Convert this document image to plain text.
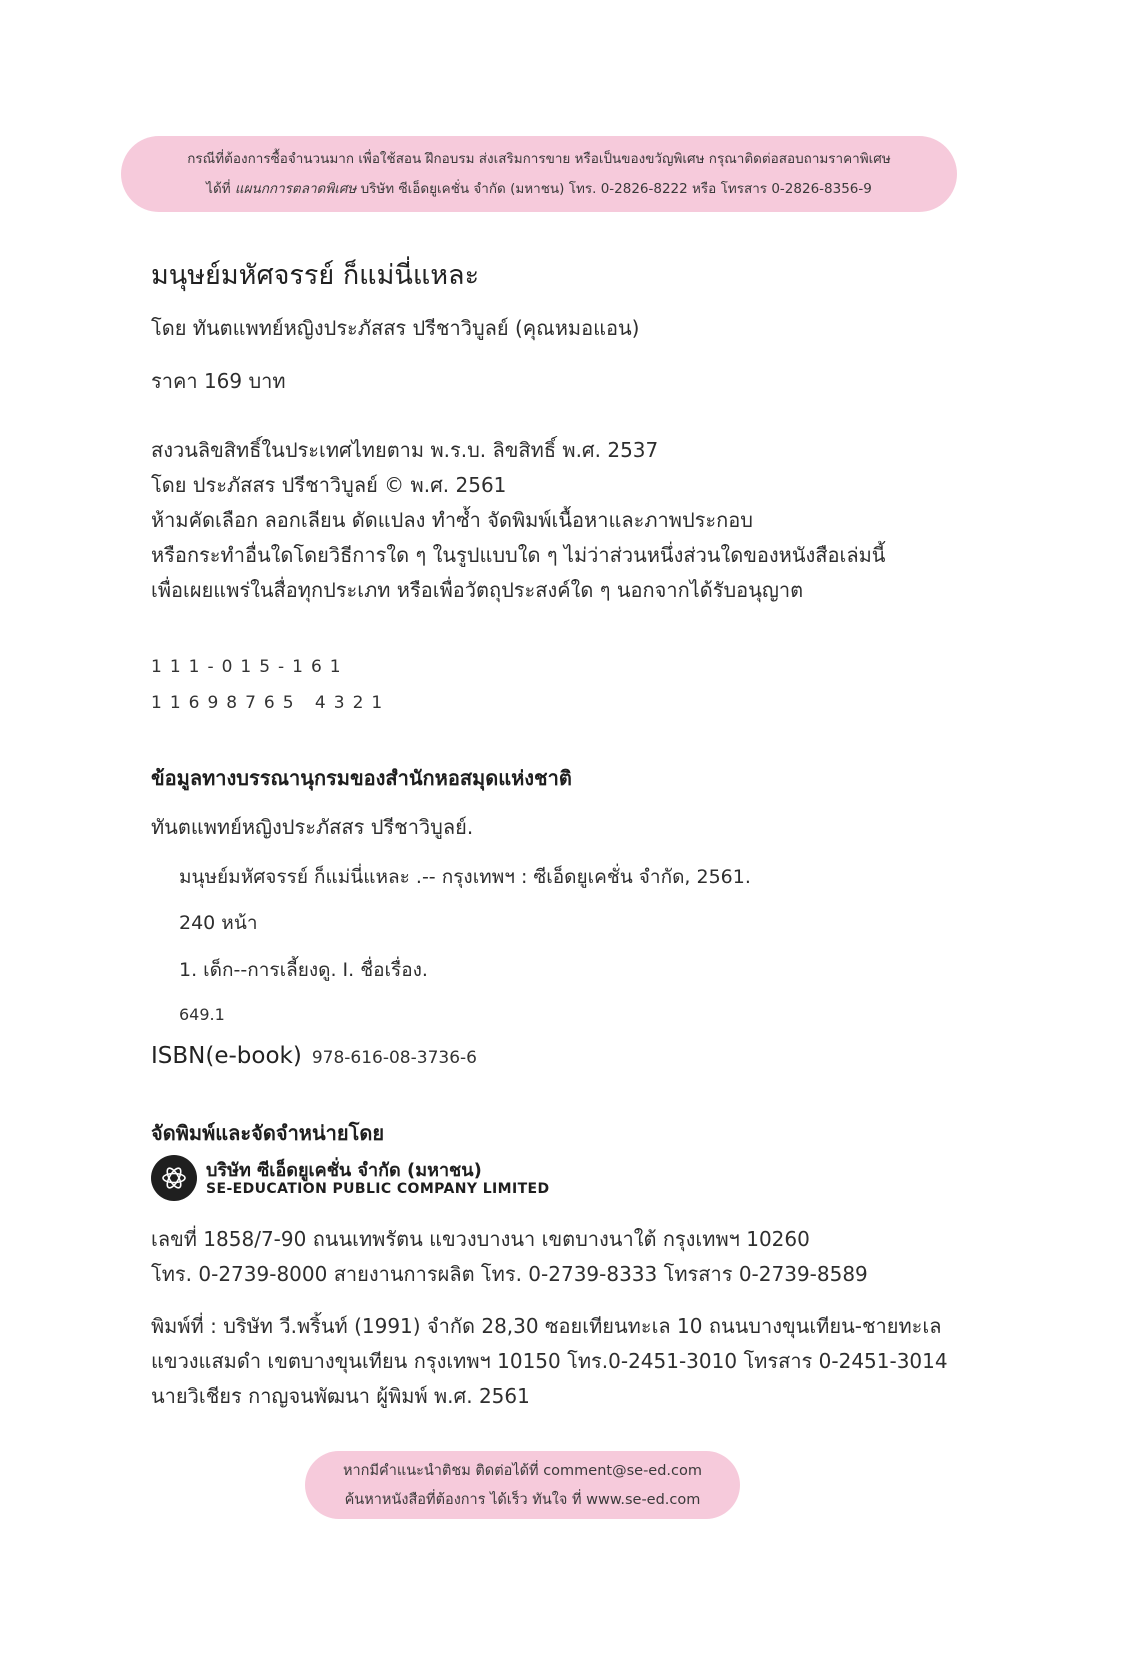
กรณีที่ต้องการซื้อจำนวนมาก เพื่อใช้สอน ฝึกอบรม ส่งเสริมการขาย หรือเป็นของขวัญพิเศษ กรุณาติดต่อสอบถามราคาพิเศษ
ได้ที่ แผนกการตลาดพิเศษ บริษัท ซีเอ็ดยูเคชั่น จำกัด (มหาชน) โทร. 0-2826-8222 หรือ โทรสาร 0-2826-8356-9
มนุษย์มหัศจรรย์ ก็แม่นี่แหละ
โดย ทันตแพทย์หญิงประภัสสร ปรีชาวิบูลย์ (คุณหมอแอน)
ราคา 169 บาท
สงวนลิขสิทธิ์ในประเทศไทยตาม พ.ร.บ. ลิขสิทธิ์ พ.ศ. 2537
โดย ประภัสสร ปรีชาวิบูลย์ © พ.ศ. 2561
ห้ามคัดเลือก ลอกเลียน ดัดแปลง ทำซ้ำ จัดพิมพ์เนื้อหาและภาพประกอบ
หรือกระทำอื่นใดโดยวิธีการใด ๆ ในรูปแบบใด ๆ ไม่ว่าส่วนหนึ่งส่วนใดของหนังสือเล่มนี้
เพื่อเผยแพร่ในสื่อทุกประเภท หรือเพื่อวัตถุประสงค์ใด ๆ นอกจากได้รับอนุญาต
111-015-161
11698765 4321
ข้อมูลทางบรรณานุกรมของสำนักหอสมุดแห่งชาติ
ทันตแพทย์หญิงประภัสสร ปรีชาวิบูลย์.
มนุษย์มหัศจรรย์ ก็แม่นี่แหละ .-- กรุงเทพฯ : ซีเอ็ดยูเคชั่น จำกัด, 2561.
240 หน้า
1. เด็ก--การเลี้ยงดู. I. ชื่อเรื่อง.
649.1
ISBN(e-book) 978-616-08-3736-6
จัดพิมพ์และจัดจำหน่ายโดย
บริษัท ซีเอ็ดยูเคชั่น จำกัด (มหาชน)
SE-EDUCATION PUBLIC COMPANY LIMITED
เลขที่ 1858/7-90 ถนนเทพรัตน แขวงบางนา เขตบางนาใต้ กรุงเทพฯ 10260
โทร. 0-2739-8000 สายงานการผลิต โทร. 0-2739-8333 โทรสาร 0-2739-8589
พิมพ์ที่ : บริษัท วี.พริ้นท์ (1991) จำกัด 28,30 ซอยเทียนทะเล 10 ถนนบางขุนเทียน-ชายทะเล
แขวงแสมดำ เขตบางขุนเทียน กรุงเทพฯ 10150 โทร.0-2451-3010 โทรสาร 0-2451-3014
นายวิเชียร กาญจนพัฒนา ผู้พิมพ์ พ.ศ. 2561
หากมีคำแนะนำติชม ติดต่อได้ที่ comment@se-ed.com
ค้นหาหนังสือที่ต้องการ ได้เร็ว ทันใจ ที่ www.se-ed.com
